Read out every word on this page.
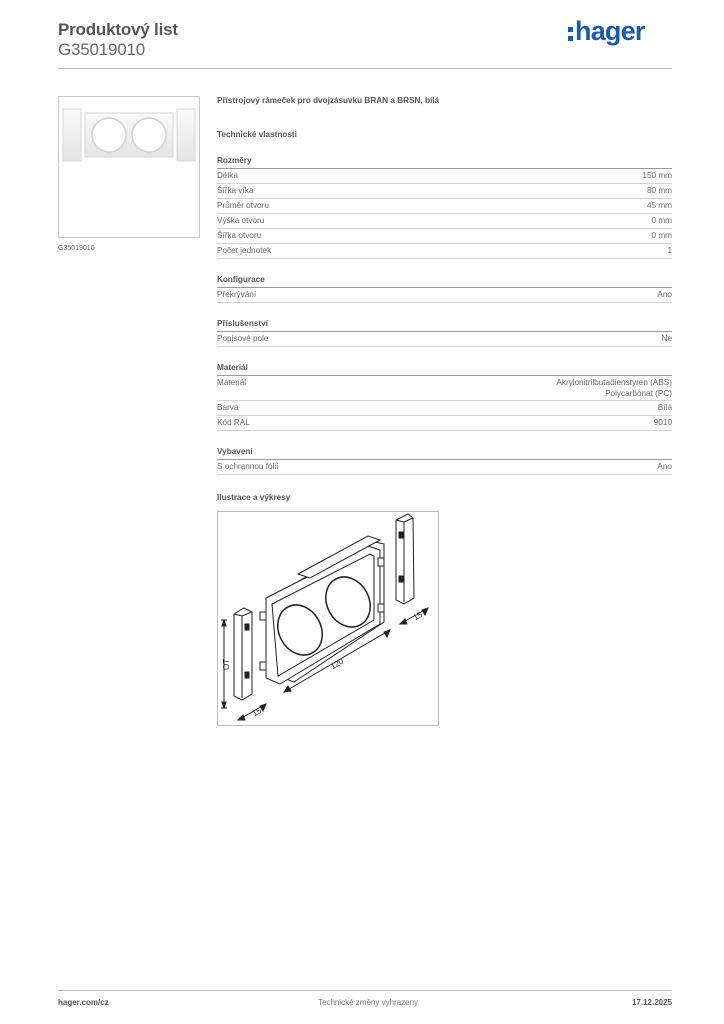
Produktový list
G35019010
hager
G35019010
Přístrojový rámeček pro dvojzásuvku BRAN a BRSN, bílá
Technické vlastnosti
Rozměry
Délka	150 mm
Šířka víka	80 mm
Průměr otvoru	45 mm
Výška otvoru	0 mm
Šířka otvoru	0 mm
Počet jednotek	1
Konfigurace
Překrývání	Ano
Příslušenství
Popisové pole	Ne
Materiál
Materiál	Akrylonitrilbutadienstyren (ABS)
Polycarbonat (PC)
Barva	Bílá
Kód RAL	9010
Vybavení
S ochrannou fólií	Ano
Ilustrace a výkresy
OT	120
15
15
hager.com/cz	Technické změny vyhrazeny	17.12.2025
